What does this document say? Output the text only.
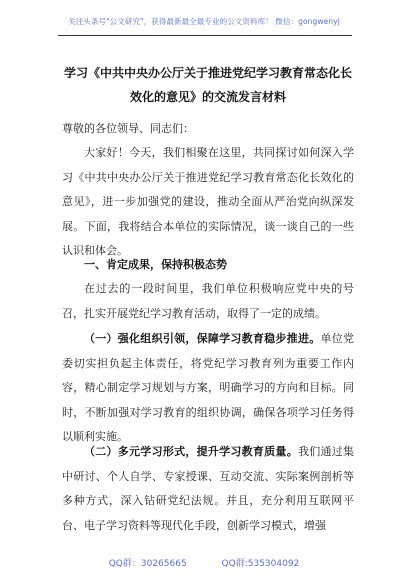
关注头条号"公文研究"，获得最新最全最专业的公文资料库！ 微信：gongwenyj
学习《中共中央办公厅关于推进党纪学习教育常态化长效化的意见》的交流发言材料

尊敬的各位领导、同志们：

大家好！今天，我们相聚在这里，共同探讨如何深入学习《中共中央办公厅关于推进党纪学习教育常态化长效化的意见》，进一步加强党的建设，推动全面从严治党向纵深发展。下面，我将结合本单位的实际情况，谈一谈自己的一些认识和体会。

一、肯定成果，保持积极态势

在过去的一段时间里，我们单位积极响应党中央的号召，扎实开展党纪学习教育活动，取得了一定的成绩。

（一）强化组织引领，保障学习教育稳步推进。单位党委切实担负起主体责任，将党纪学习教育列为重要工作内容，精心制定学习规划与方案，明确学习的方向和目标。同时，不断加强对学习教育的组织协调，确保各项学习任务得以顺利实施。

（二）多元学习形式，提升学习教育质量。我们通过集中研讨、个人自学、专家授课、互动交流、实际案例剖析等多种方式，深入钻研党纪法规。并且，充分利用互联网平台、电子学习资料等现代化手段，创新学习模式，增强

QQ群：30265665	QQ群:535304092
